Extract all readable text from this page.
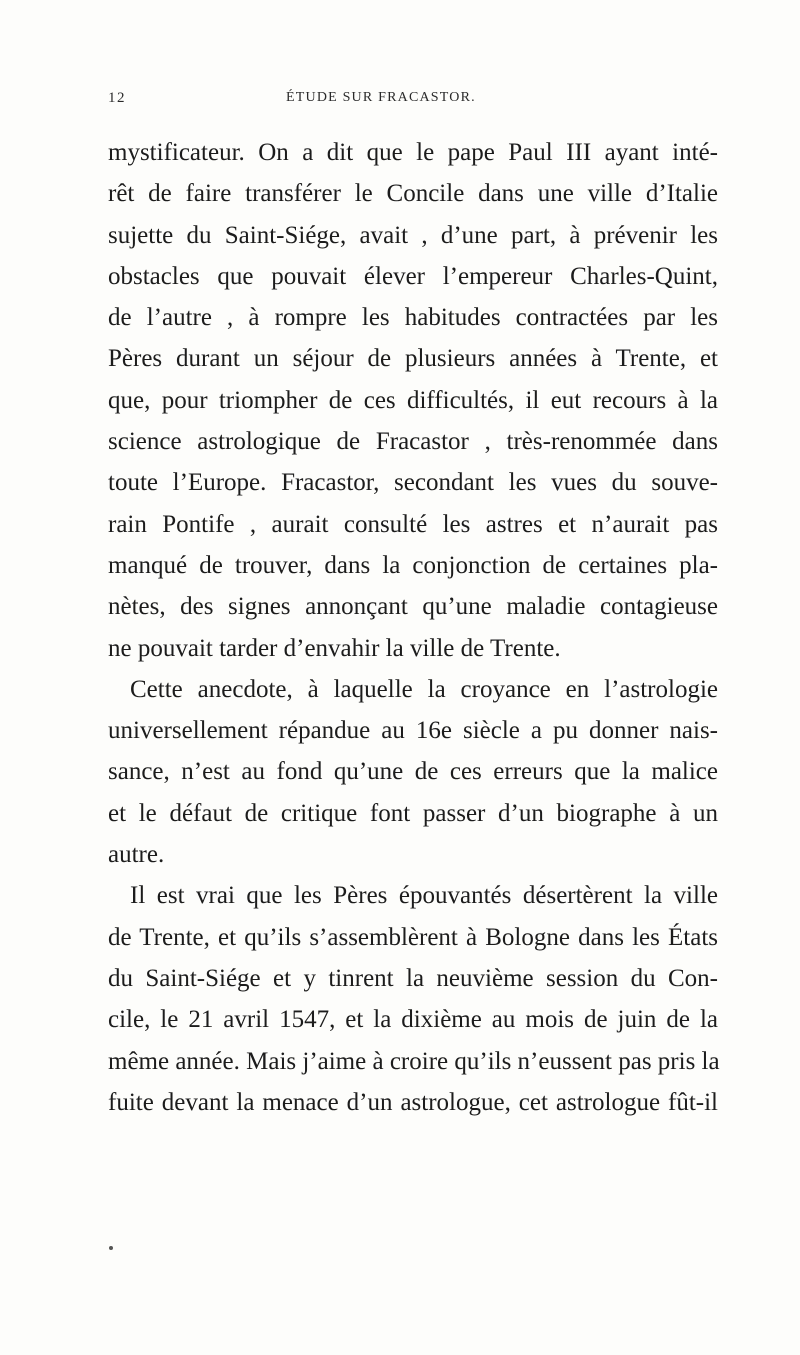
12	ÉTUDE SUR FRACASTOR.
mystificateur. On a dit que le pape Paul III ayant inté-
rêt de faire transférer le Concile dans une ville d’Italie
sujette du Saint-Siége, avait , d’une part, à prévenir les
obstacles que pouvait élever l’empereur Charles-Quint,
de l’autre , à rompre les habitudes contractées par les
Pères durant un séjour de plusieurs années à Trente, et
que, pour triompher de ces difficultés, il eut recours à la
science astrologique de Fracastor , très-renommée dans
toute l’Europe. Fracastor, secondant les vues du souve-
rain Pontife , aurait consulté les astres et n’aurait pas
manqué de trouver, dans la conjonction de certaines pla-
nètes, des signes annonçant qu’une maladie contagieuse
ne pouvait tarder d’envahir la ville de Trente.
Cette anecdote, à laquelle la croyance en l’astrologie
universellement répandue au 16e siècle a pu donner nais-
sance, n’est au fond qu’une de ces erreurs que la malice
et le défaut de critique font passer d’un biographe à un
autre.
Il est vrai que les Pères épouvantés désertèrent la ville
de Trente, et qu’ils s’assemblèrent à Bologne dans les États
du Saint-Siége et y tinrent la neuvième session du Con-
cile, le 21 avril 1547, et la dixième au mois de juin de la
même année. Mais j’aime à croire qu’ils n’eussent pas pris la
fuite devant la menace d’un astrologue, cet astrologue fût-il
